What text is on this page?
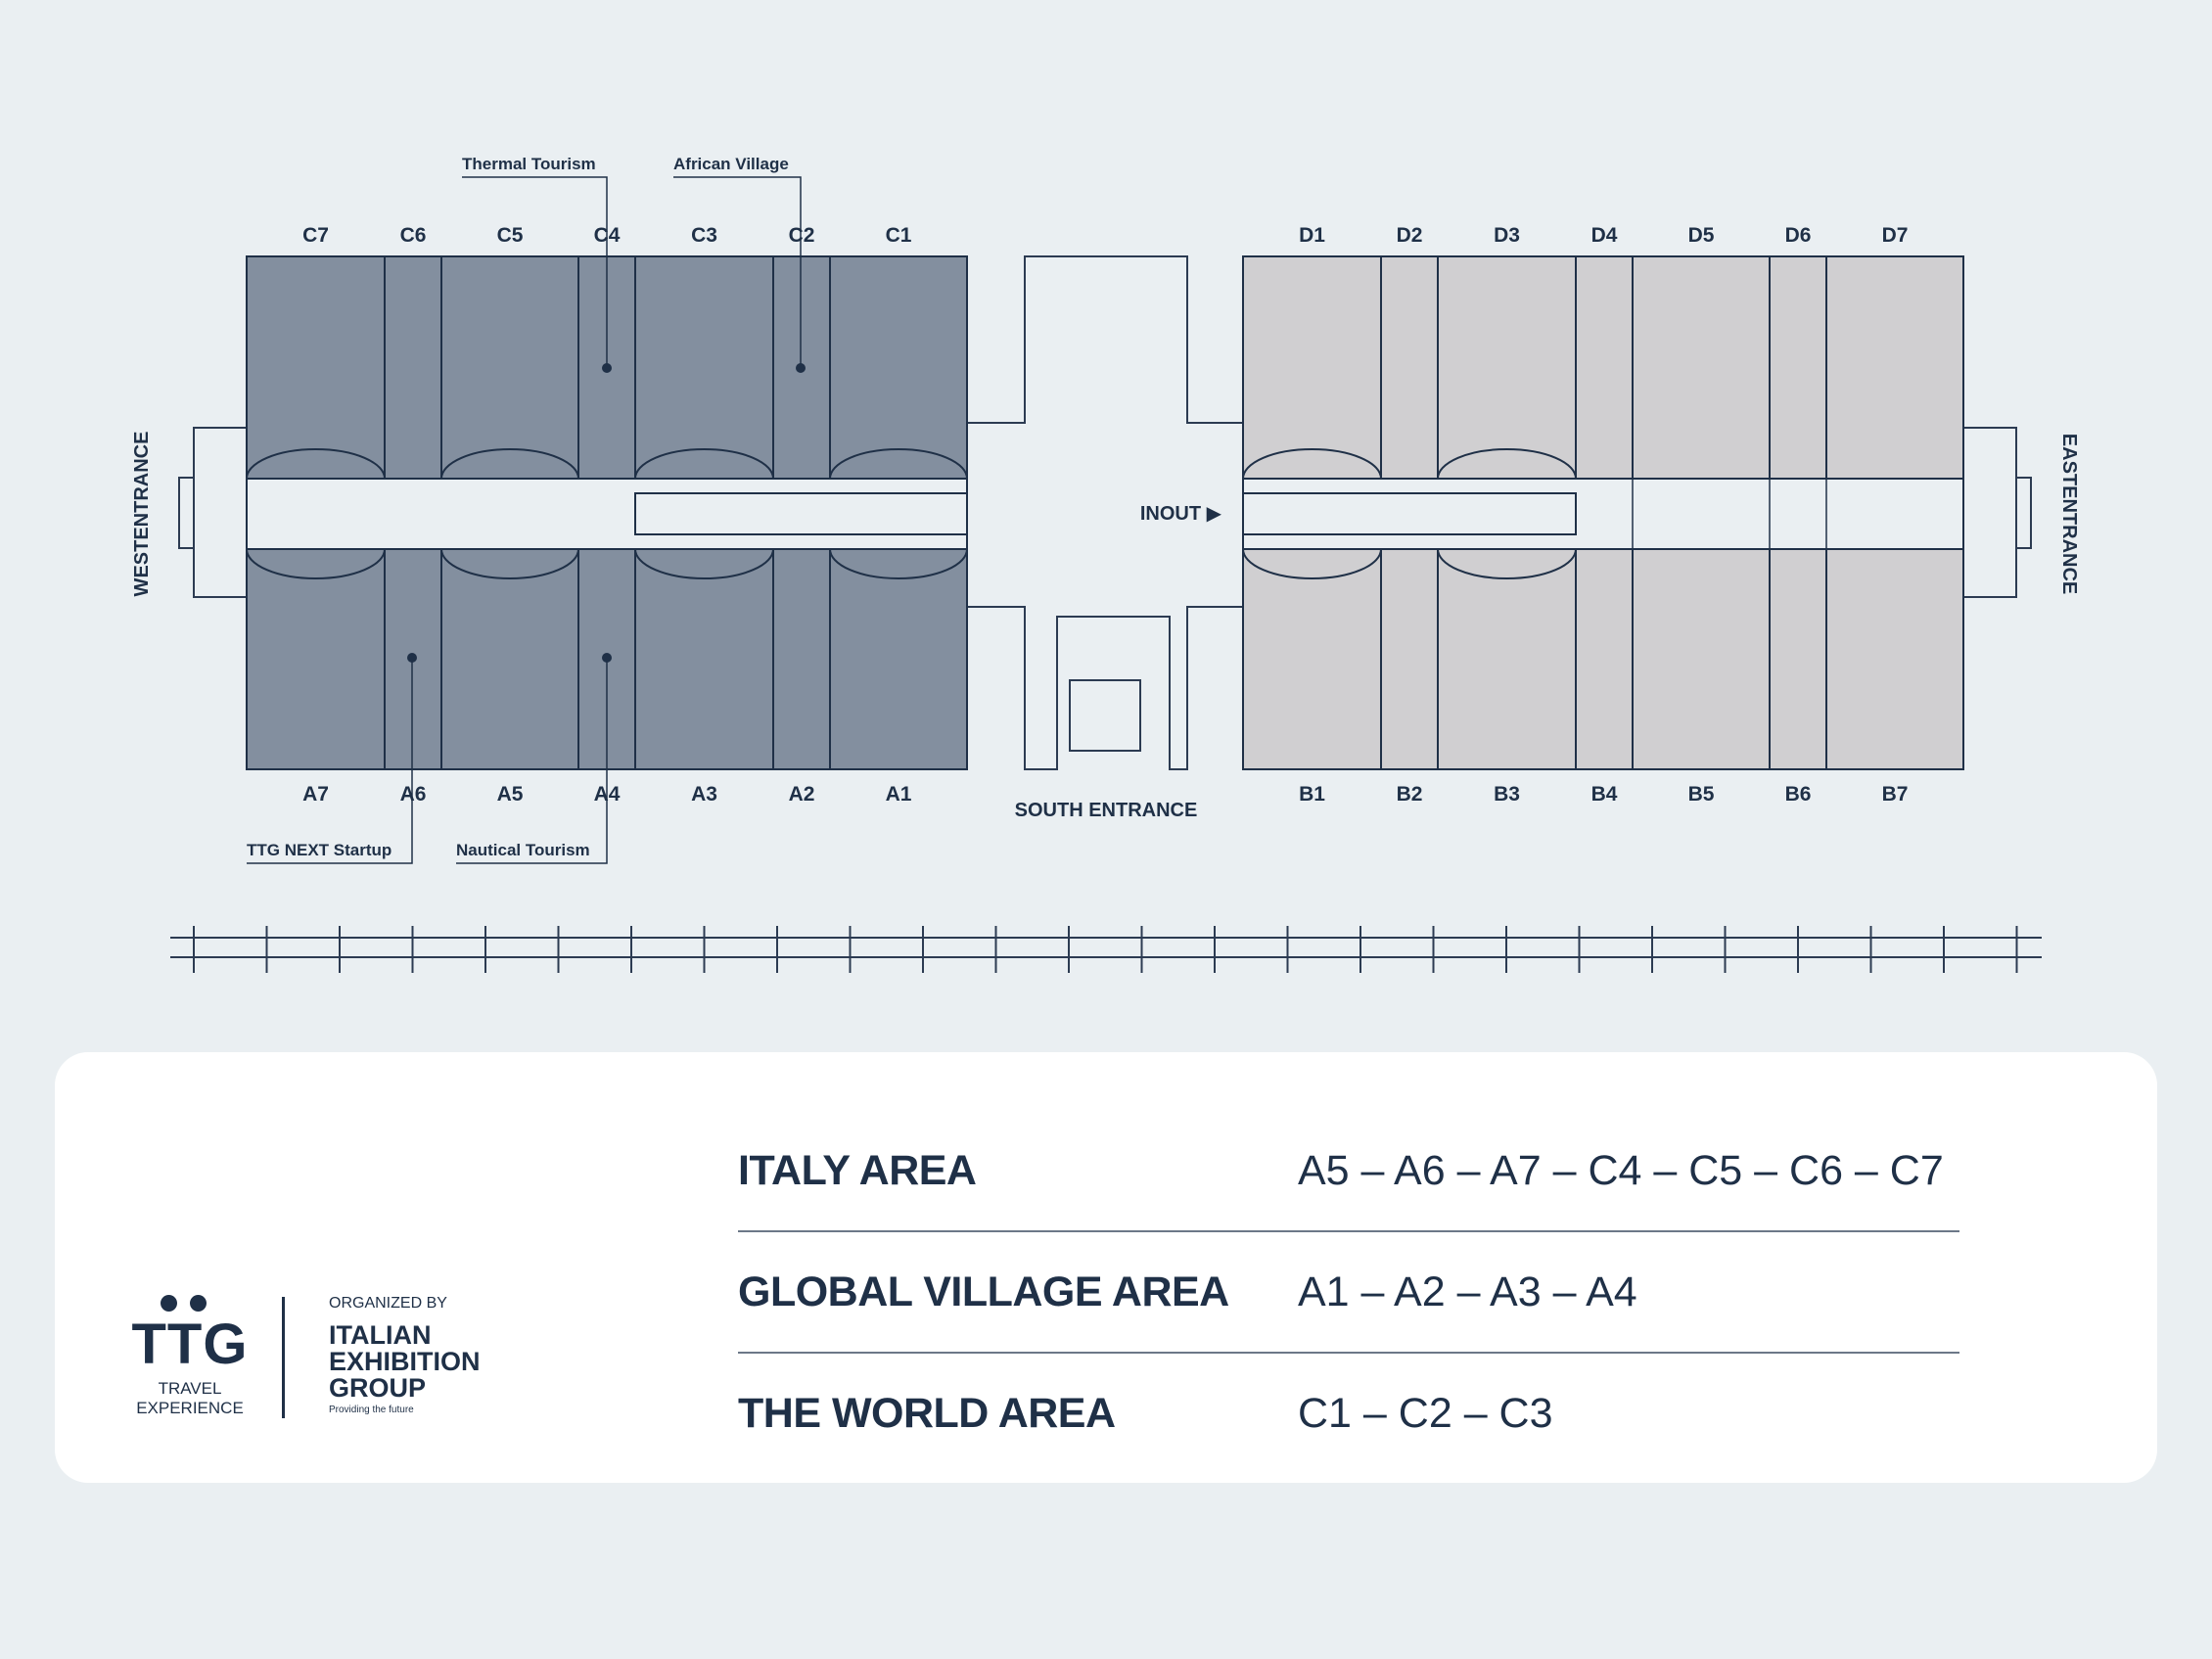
C7	C6	C5	C4	C3	C2	C1
A7	A6	A5	A4	A3	A2	A1
D1	D2	D3	D4	D5	D6	D7
B1	B2	B3	B4	B5	B6	B7
Thermal Tourism	African Village
TTG NEXT Startup	Nautical Tourism
WESTENTRANCE	EASTENTRANCE
SOUTH ENTRANCE
INOUT ▶
TTG
TRAVEL EXPERIENCE
ORGANIZED BY
ITALIAN EXHIBITION GROUP
Providing the future
ITALY AREA	A5 – A6 – A7 – C4 – C5 – C6 – C7
GLOBAL VILLAGE AREA A1 – A2 – A3 – A4
THE WORLD AREA	C1 – C2 – C3
